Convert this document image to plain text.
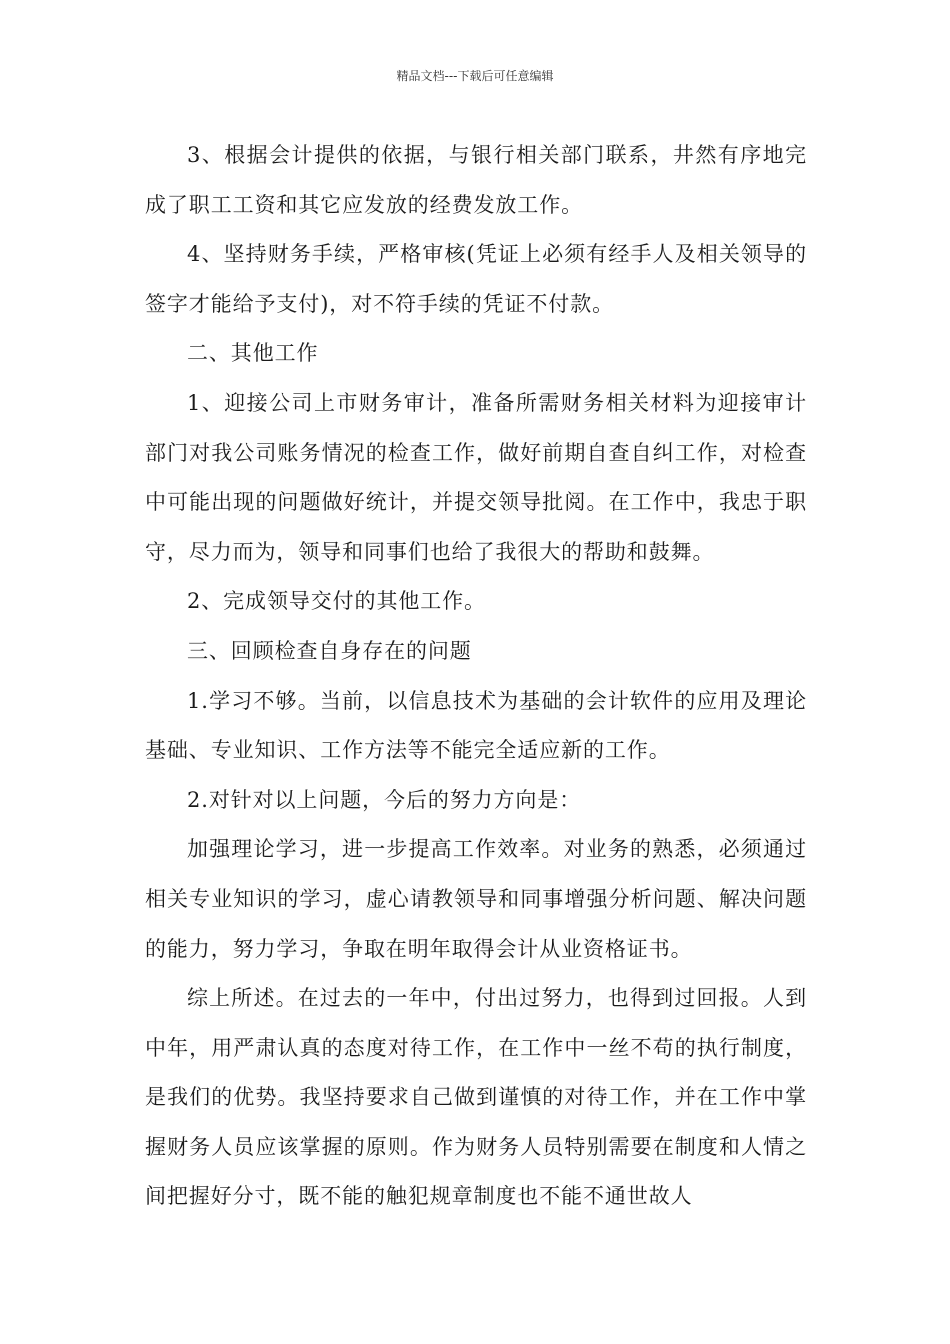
精品文档---下载后可任意编辑

3、根据会计提供的依据，与银行相关部门联系，井然有序地完成了职工工资和其它应发放的经费发放工作。

4、坚持财务手续，严格审核(凭证上必须有经手人及相关领导的签字才能给予支付)，对不符手续的凭证不付款。

二、其他工作

1、迎接公司上市财务审计，准备所需财务相关材料为迎接审计部门对我公司账务情况的检查工作，做好前期自查自纠工作，对检查中可能出现的问题做好统计，并提交领导批阅。在工作中，我忠于职守，尽力而为，领导和同事们也给了我很大的帮助和鼓舞。

2、完成领导交付的其他工作。

三、回顾检查自身存在的问题

1.学习不够。当前，以信息技术为基础的会计软件的应用及理论基础、专业知识、工作方法等不能完全适应新的工作。

2.对针对以上问题，今后的努力方向是：

加强理论学习，进一步提高工作效率。对业务的熟悉，必须通过相关专业知识的学习，虚心请教领导和同事增强分析问题、解决问题的能力，努力学习，争取在明年取得会计从业资格证书。

综上所述。在过去的一年中，付出过努力，也得到过回报。人到中年，用严肃认真的态度对待工作，在工作中一丝不苟的执行制度，是我们的优势。我坚持要求自己做到谨慎的对待工作，并在工作中掌握财务人员应该掌握的原则。作为财务人员特别需要在制度和人情之间把握好分寸，既不能的触犯规章制度也不能不通世故人
